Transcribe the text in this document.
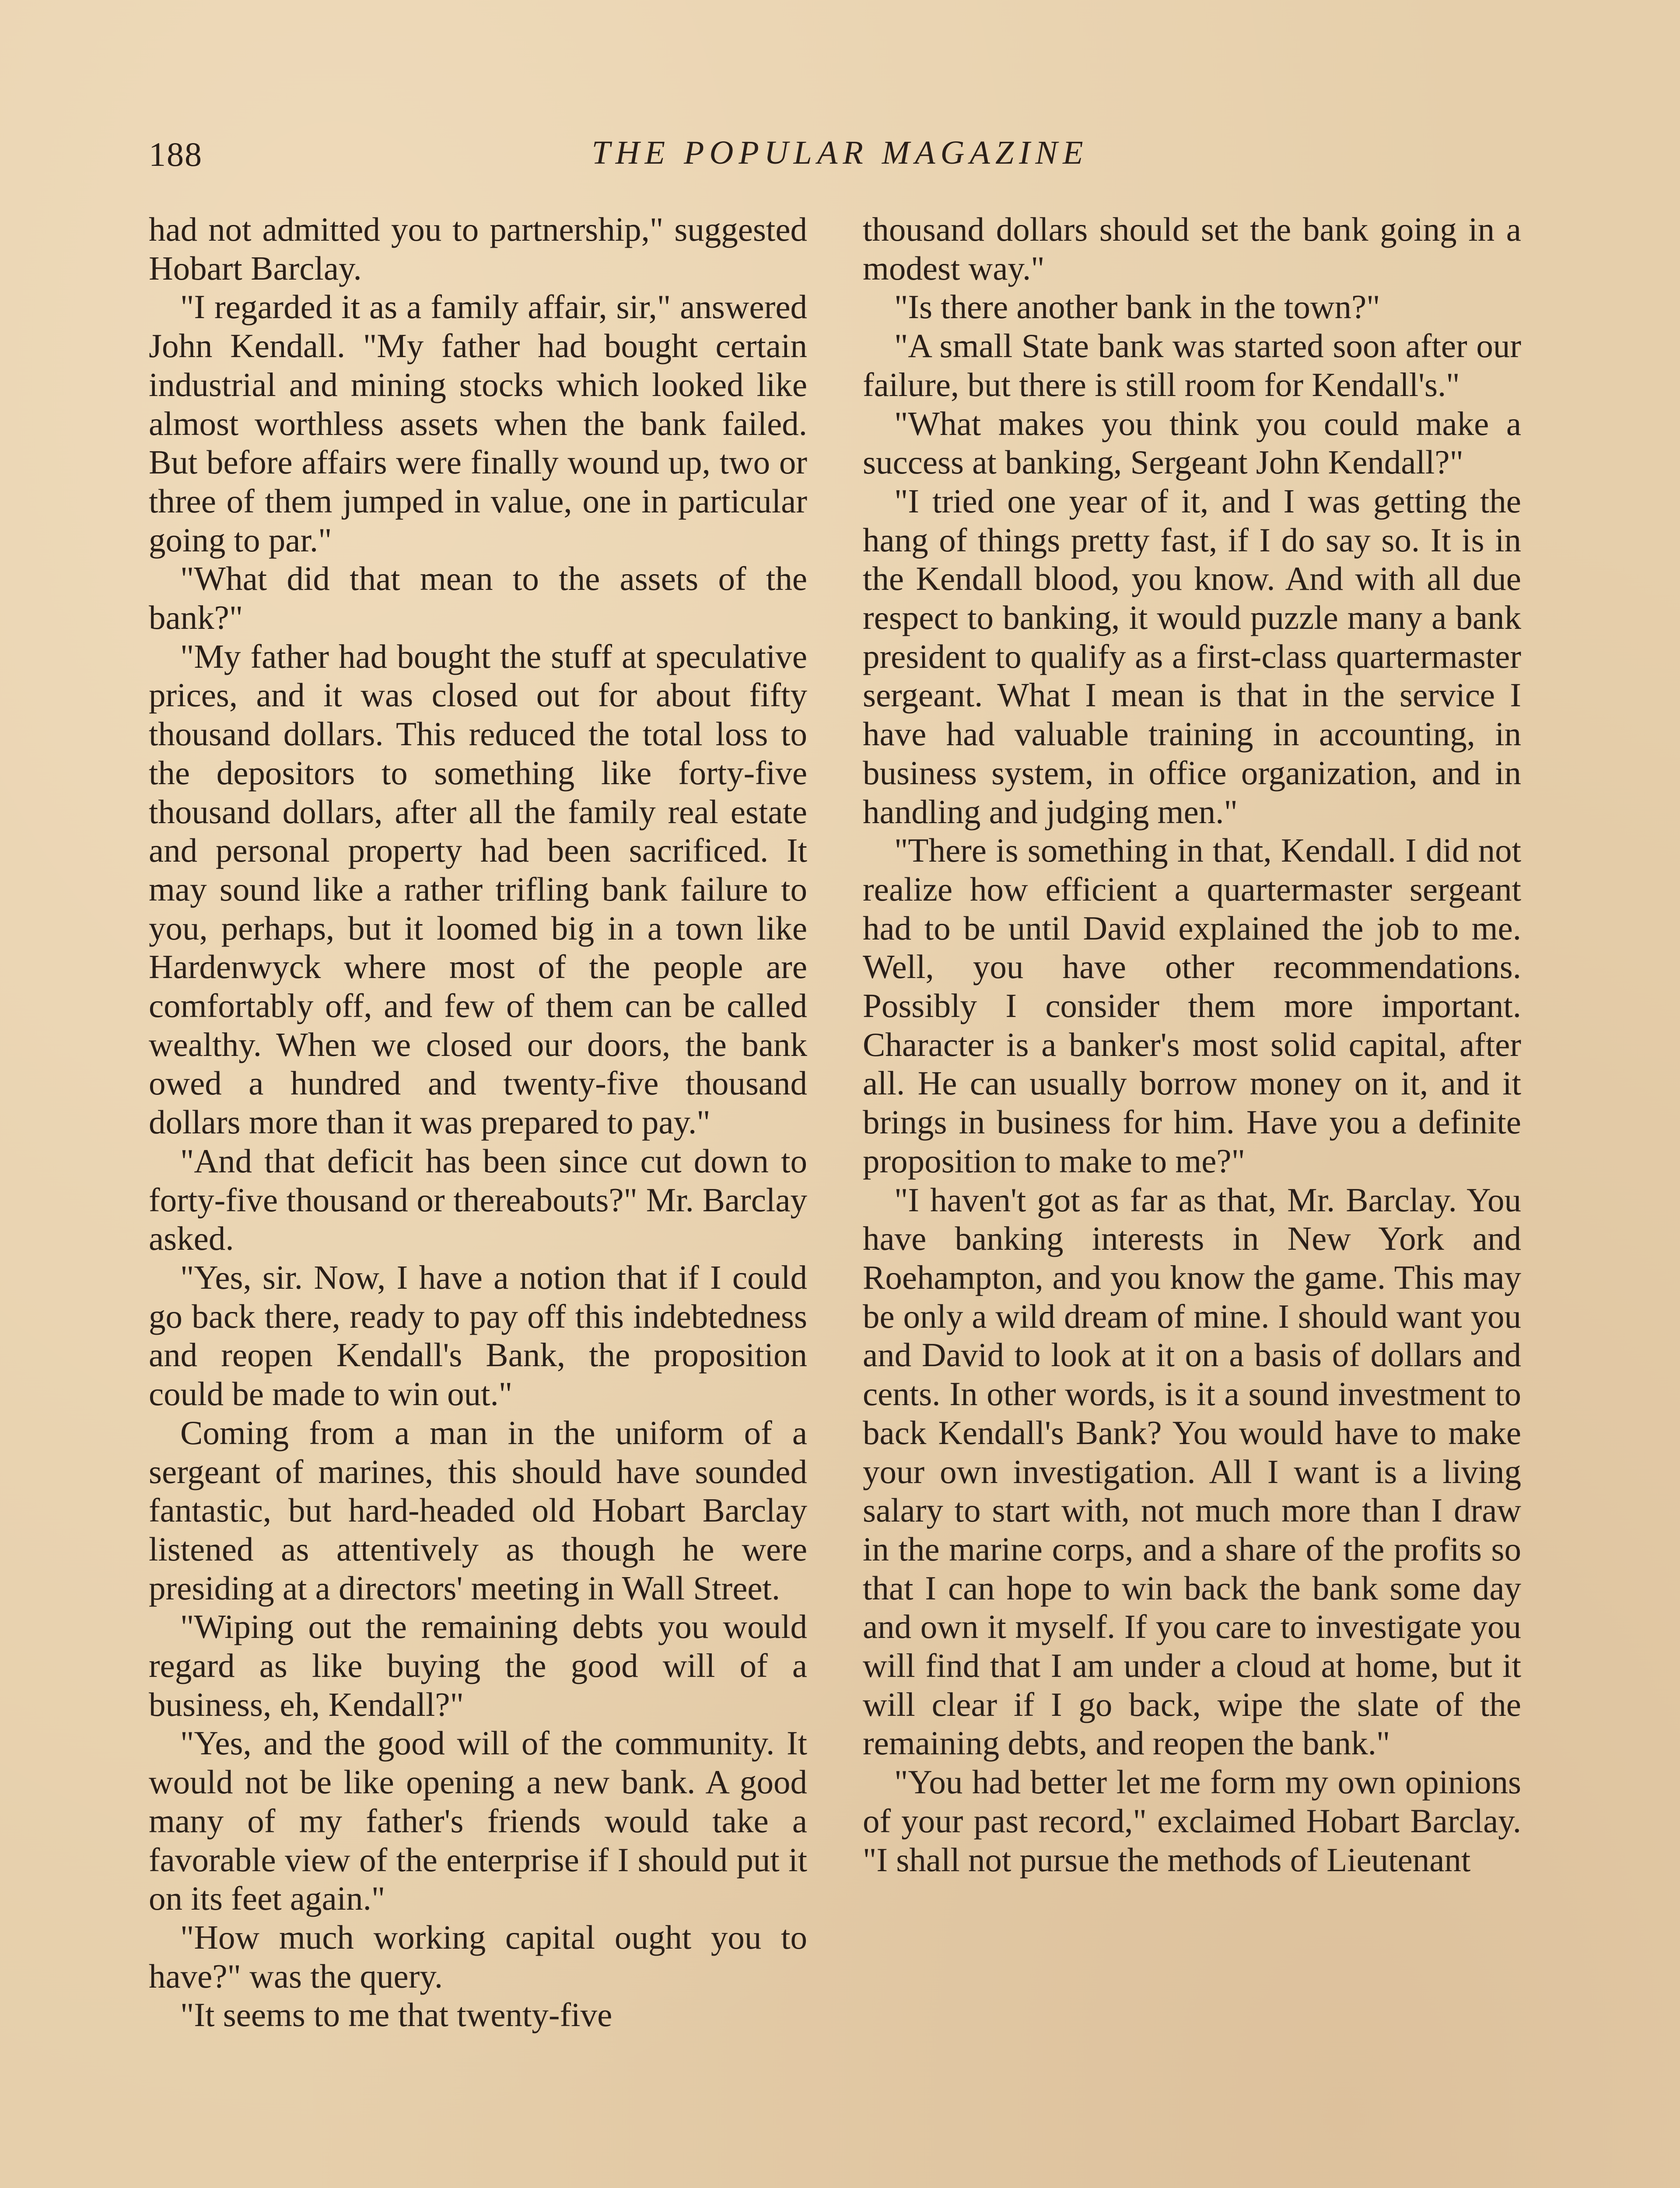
188	THE POPULAR MAGAZINE

had not admitted you to partnership," suggested Hobart Barclay.

"I regarded it as a family affair, sir," answered John Kendall. "My father had bought certain industrial and mining stocks which looked like almost worthless assets when the bank failed. But before affairs were finally wound up, two or three of them jumped in value, one in particular going to par."

"What did that mean to the assets of the bank?"

"My father had bought the stuff at speculative prices, and it was closed out for about fifty thousand dollars. This reduced the total loss to the depositors to something like forty-five thousand dollars, after all the family real estate and personal property had been sacrificed. It may sound like a rather trifling bank failure to you, perhaps, but it loomed big in a town like Hardenwyck where most of the people are comfortably off, and few of them can be called wealthy. When we closed our doors, the bank owed a hundred and twenty-five thousand dollars more than it was prepared to pay."

"And that deficit has been since cut down to forty-five thousand or thereabouts?" Mr. Barclay asked.

"Yes, sir. Now, I have a notion that if I could go back there, ready to pay off this indebtedness and reopen Kendall's Bank, the proposition could be made to win out."

Coming from a man in the uniform of a sergeant of marines, this should have sounded fantastic, but hard-headed old Hobart Barclay listened as attentively as though he were presiding at a directors' meeting in Wall Street.

"Wiping out the remaining debts you would regard as like buying the good will of a business, eh, Kendall?"

"Yes, and the good will of the community. It would not be like opening a new bank. A good many of my father's friends would take a favorable view of the enterprise if I should put it on its feet again."

"How much working capital ought you to have?" was the query.

"It seems to me that twenty-five

thousand dollars should set the bank going in a modest way."

"Is there another bank in the town?"

"A small State bank was started soon after our failure, but there is still room for Kendall's."

"What makes you think you could make a success at banking, Sergeant John Kendall?"

"I tried one year of it, and I was getting the hang of things pretty fast, if I do say so. It is in the Kendall blood, you know. And with all due respect to banking, it would puzzle many a bank president to qualify as a first-class quartermaster sergeant. What I mean is that in the service I have had valuable training in accounting, in business system, in office organization, and in handling and judging men."

"There is something in that, Kendall. I did not realize how efficient a quartermaster sergeant had to be until David explained the job to me. Well, you have other recommendations. Possibly I consider them more important. Character is a banker's most solid capital, after all. He can usually borrow money on it, and it brings in business for him. Have you a definite proposition to make to me?"

"I haven't got as far as that, Mr. Barclay. You have banking interests in New York and Roehampton, and you know the game. This may be only a wild dream of mine. I should want you and David to look at it on a basis of dollars and cents. In other words, is it a sound investment to back Kendall's Bank? You would have to make your own investigation. All I want is a living salary to start with, not much more than I draw in the marine corps, and a share of the profits so that I can hope to win back the bank some day and own it myself. If you care to investigate you will find that I am under a cloud at home, but it will clear if I go back, wipe the slate of the remaining debts, and reopen the bank."

"You had better let me form my own opinions of your past record," exclaimed Hobart Barclay. "I shall not pursue the methods of Lieutenant
